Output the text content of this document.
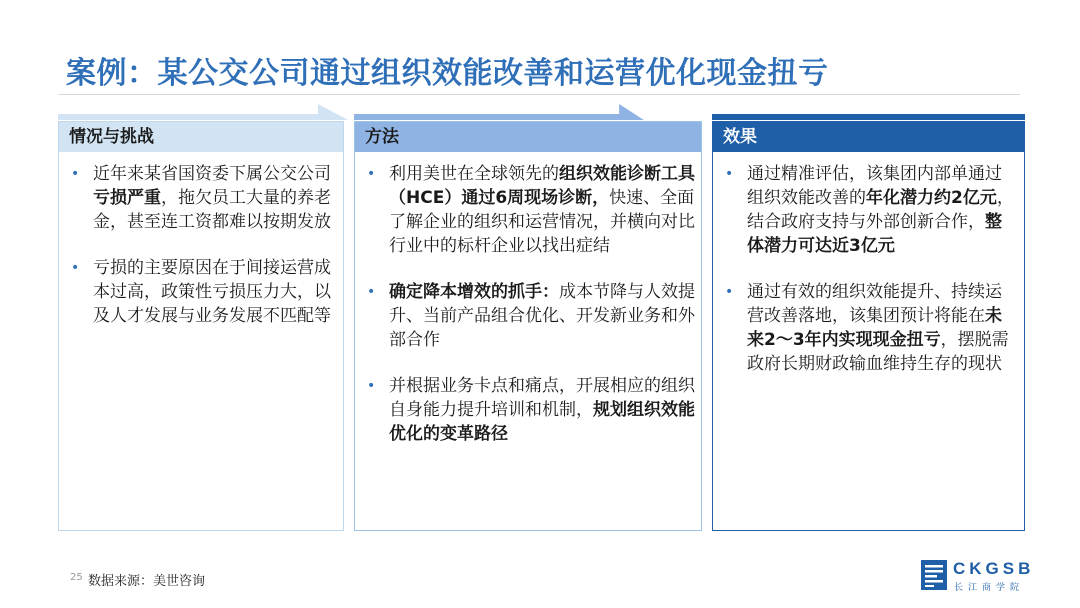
案例：某公交公司通过组织效能改善和运营优化现金扭亏
情况与挑战
• 近年来某省国资委下属公交公司亏损严重，拖欠员工大量的养老金，甚至连工资都难以按期发放
• 亏损的主要原因在于间接运营成本过高，政策性亏损压力大，以及人才发展与业务发展不匹配等
方法
• 利用美世在全球领先的组织效能诊断工具（HCE）通过6周现场诊断，快速、全面了解企业的组织和运营情况，并横向对比行业中的标杆企业以找出症结
• 确定降本增效的抓手：成本节降与人效提升、当前产品组合优化、开发新业务和外部合作
• 并根据业务卡点和痛点，开展相应的组织自身能力提升培训和机制，规划组织效能优化的变革路径
效果
• 通过精准评估，该集团内部单通过组织效能改善的年化潜力约2亿元，结合政府支持与外部创新合作，整体潜力可达近3亿元
• 通过有效的组织效能提升、持续运营改善落地，该集团预计将能在未来2～3年内实现现金扭亏，摆脱需政府长期财政输血维持生存的现状
25 数据来源：美世咨询
CKGSB
长江商学院
